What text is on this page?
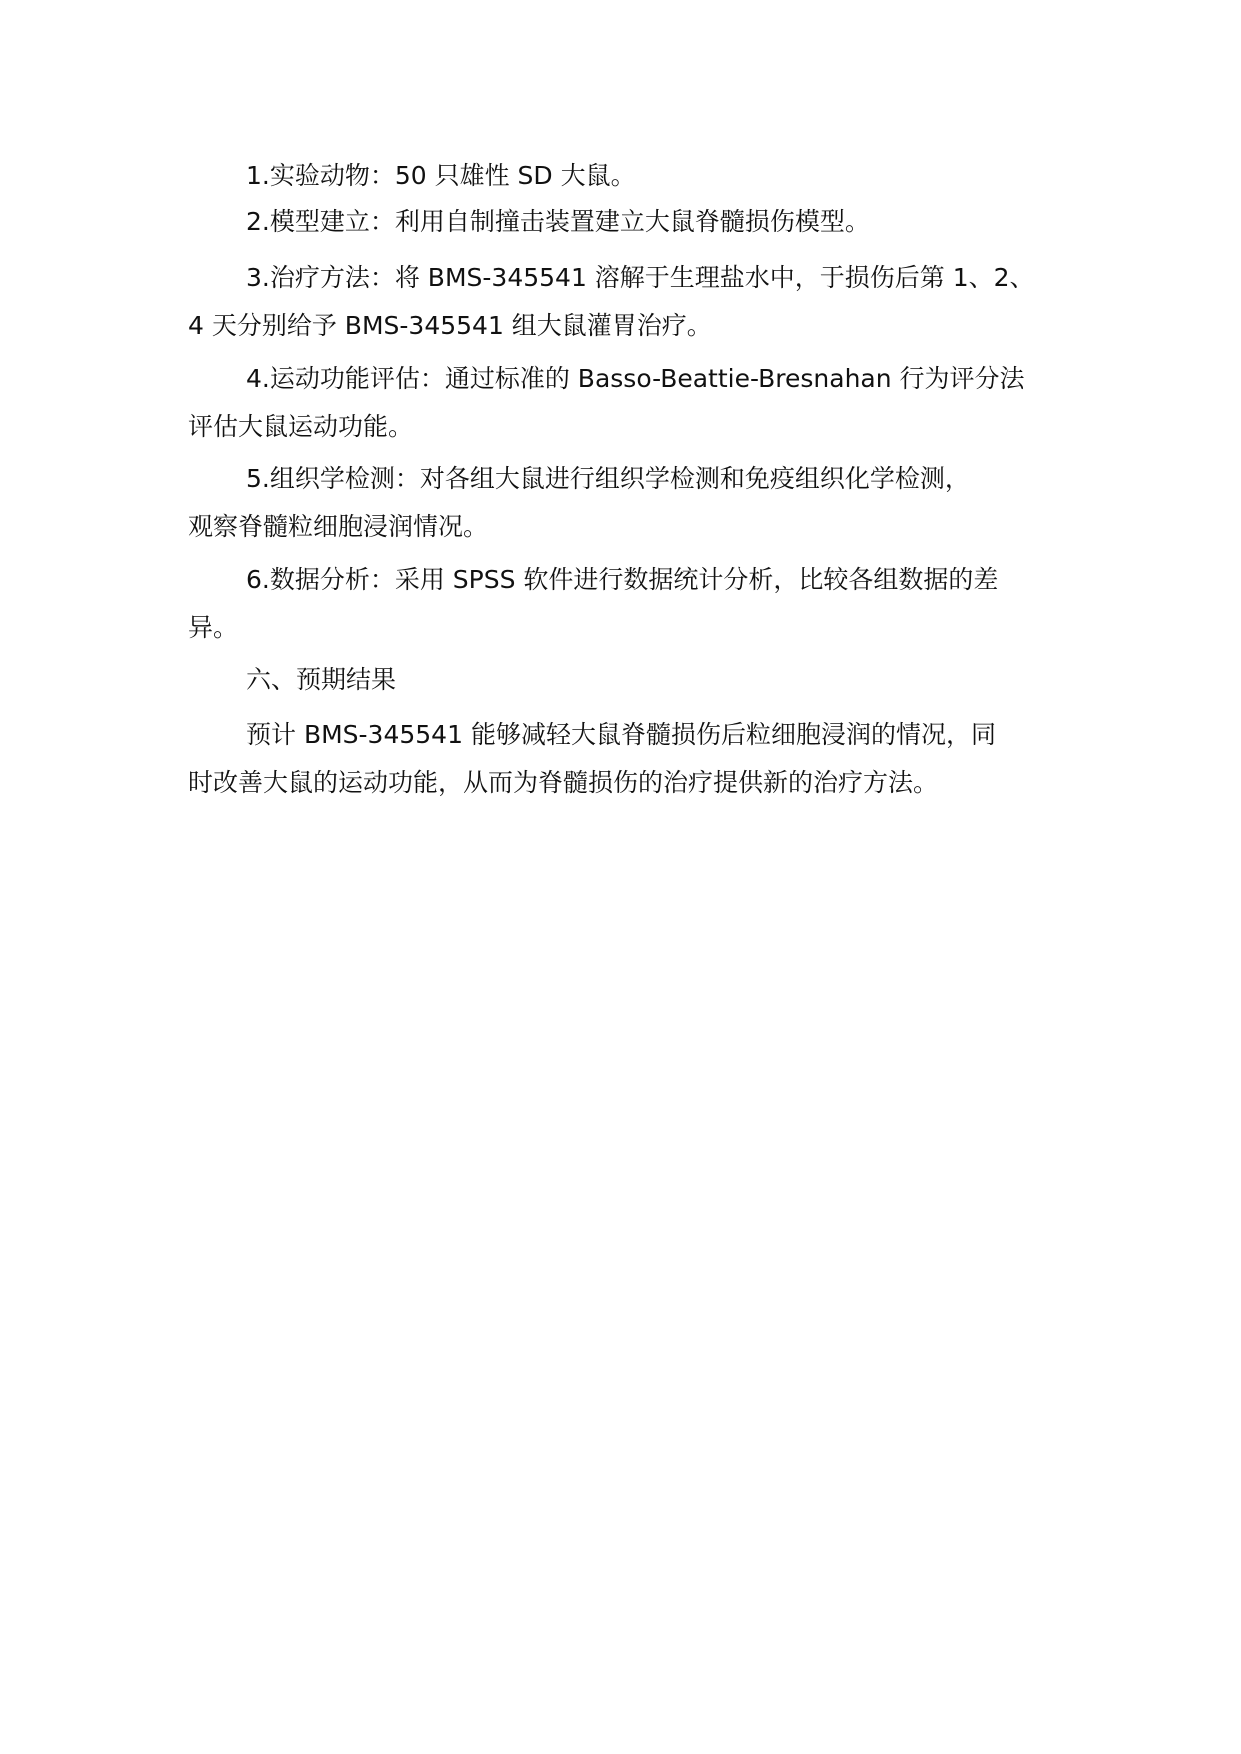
1.实验动物：50 只雄性 SD 大鼠。

2.模型建立：利用自制撞击装置建立大鼠脊髓损伤模型。

3.治疗方法：将 BMS-345541 溶解于生理盐水中，于损伤后第 1、2、
4 天分别给予 BMS-345541 组大鼠灌胃治疗。

4.运动功能评估：通过标准的 Basso-Beattie-Bresnahan 行为评分法
评估大鼠运动功能。

5.组织学检测：对各组大鼠进行组织学检测和免疫组织化学检测，
观察脊髓粒细胞浸润情况。

6.数据分析：采用 SPSS 软件进行数据统计分析，比较各组数据的差
异。

六、预期结果

预计 BMS-345541 能够减轻大鼠脊髓损伤后粒细胞浸润的情况，同
时改善大鼠的运动功能，从而为脊髓损伤的治疗提供新的治疗方法。
